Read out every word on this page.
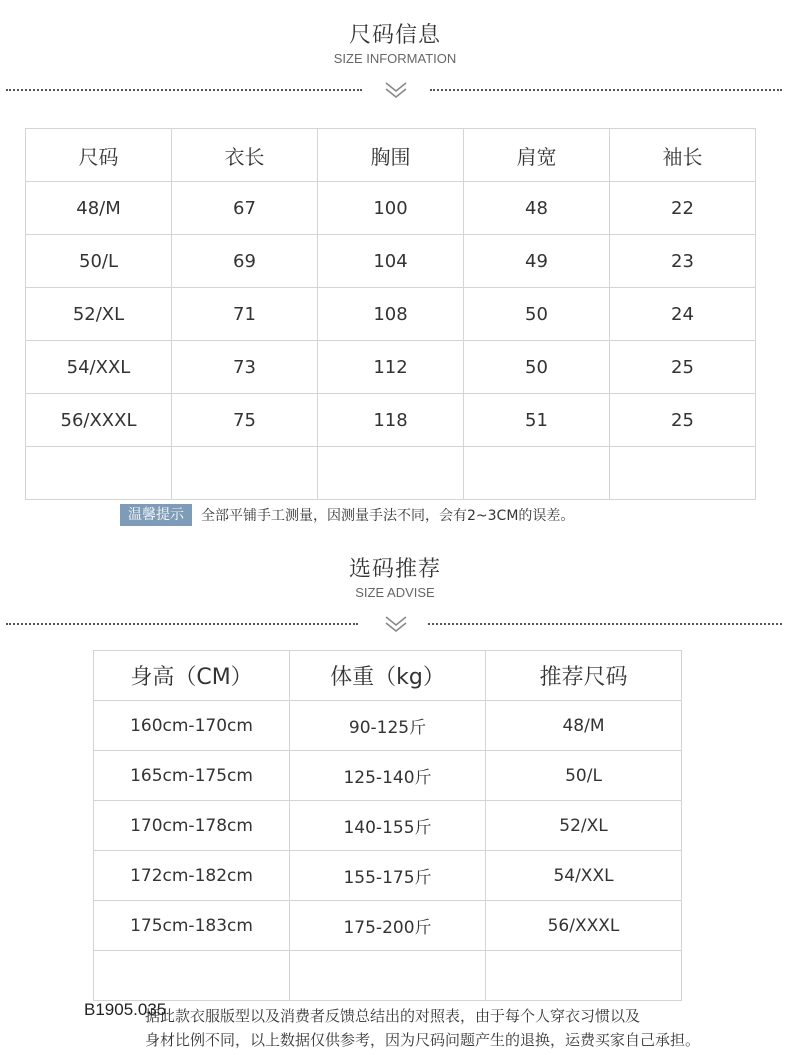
尺码信息
SIZE INFORMATION
尺码	衣长	胸围	肩宽	袖长
48/M	67	100	48	22
50/L	69	104	49	23
52/XL	71	108	50	24
54/XXL	73	112	50	25
56/XXXL	75	118	51	25

温馨提示	全部平铺手工测量，因测量手法不同，会有2~3CM的误差。
选码推荐
SIZE ADVISE
身高（CM）	体重（kg）	推荐尺码
160cm-170cm	90-125斤	48/M
165cm-175cm	125-140斤	50/L
170cm-178cm	140-155斤	52/XL
172cm-182cm	155-175斤	54/XXL
175cm-183cm	175-200斤	56/XXXL

据此款衣服版型以及消费者反馈总结出的对照表，由于每个人穿衣习惯以及
身材比例不同，以上数据仅供参考，因为尺码问题产生的退换，运费买家自己承担。
B1905.035
